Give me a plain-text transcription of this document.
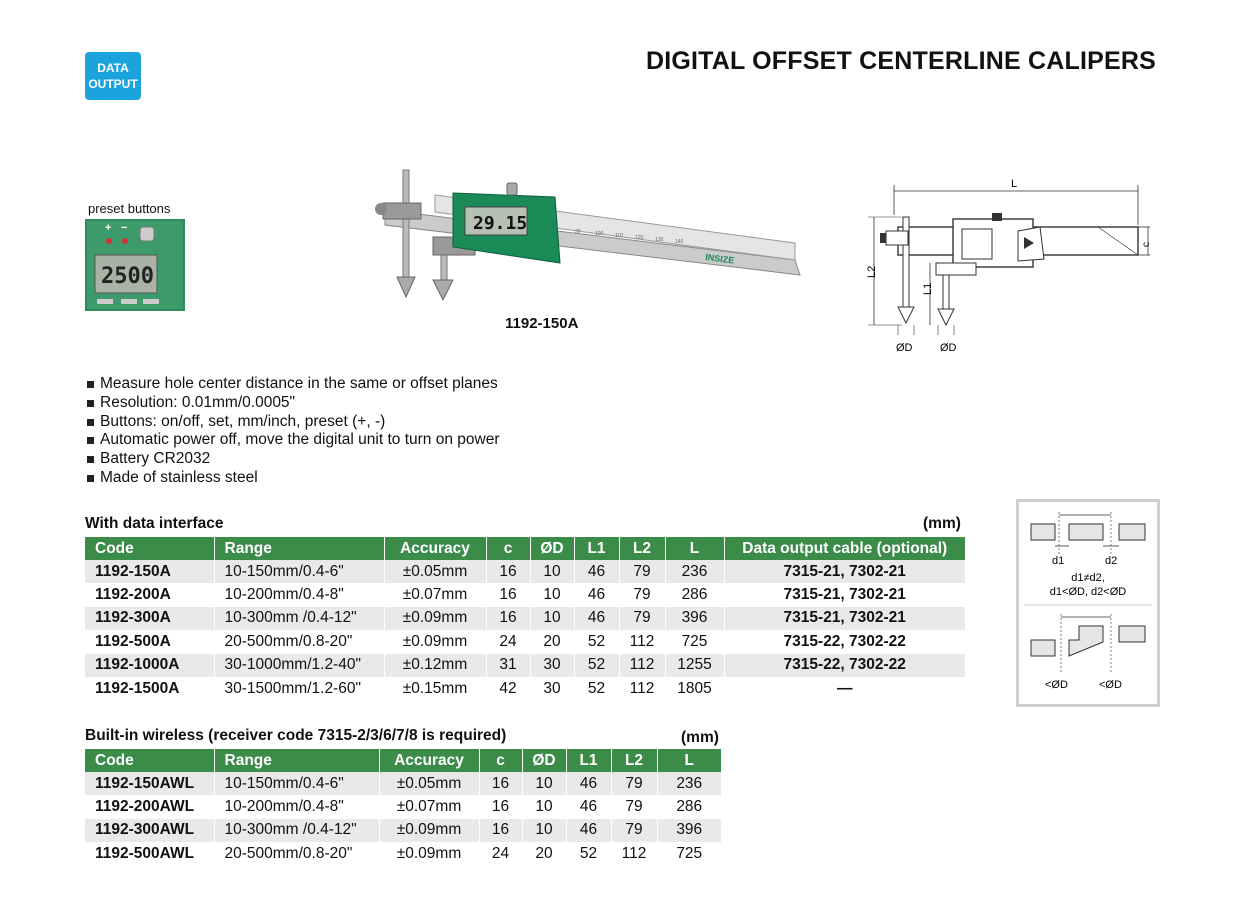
DATA
OUTPUT
DIGITAL OFFSET CENTERLINE CALIPERS
preset buttons
+ −
2500
30	100 110 120 130 140
29.15
INSIZE
1192-150A
L
c
L2
L1
ØD	ØD
Measure hole center distance in the same or offset planes
Resolution: 0.01mm/0.0005"
Buttons: on/off, set, mm/inch, preset (+, -)
Automatic power off, move the digital unit to turn on power
Battery CR2032
Made of stainless steel
With data interface	(mm)
Code	Range	Accuracy	c	ØD	L1	L2	L	Data output cable (optional)
1192-150A	10-150mm/0.4-6"	±0.05mm	16	10	46	79	236	7315-21, 7302-21
1192-200A	10-200mm/0.4-8"	±0.07mm	16	10	46	79	286	7315-21, 7302-21
1192-300A	10-300mm /0.4-12"	±0.09mm	16	10	46	79	396	7315-21, 7302-21
1192-500A	20-500mm/0.8-20"	±0.09mm	24	20	52	112	725	7315-22, 7302-22
1192-1000A	30-1000mm/1.2-40"	±0.12mm	31	30	52	112	1255	7315-22, 7302-22
1192-1500A	30-1500mm/1.2-60"	±0.15mm	42	30	52	112	1805	—
d1	d2
d1≠d2,
d1<ØD, d2<ØD
<ØD	<ØD
Built-in wireless (receiver code 7315-2/3/6/7/8 is required)	(mm)
Code	Range	Accuracy	c	ØD	L1	L2	L
1192-150AWL	10-150mm/0.4-6"	±0.05mm	16	10	46	79	236
1192-200AWL	10-200mm/0.4-8"	±0.07mm	16	10	46	79	286
1192-300AWL	10-300mm /0.4-12"	±0.09mm	16	10	46	79	396
1192-500AWL	20-500mm/0.8-20"	±0.09mm	24	20	52	112	725
